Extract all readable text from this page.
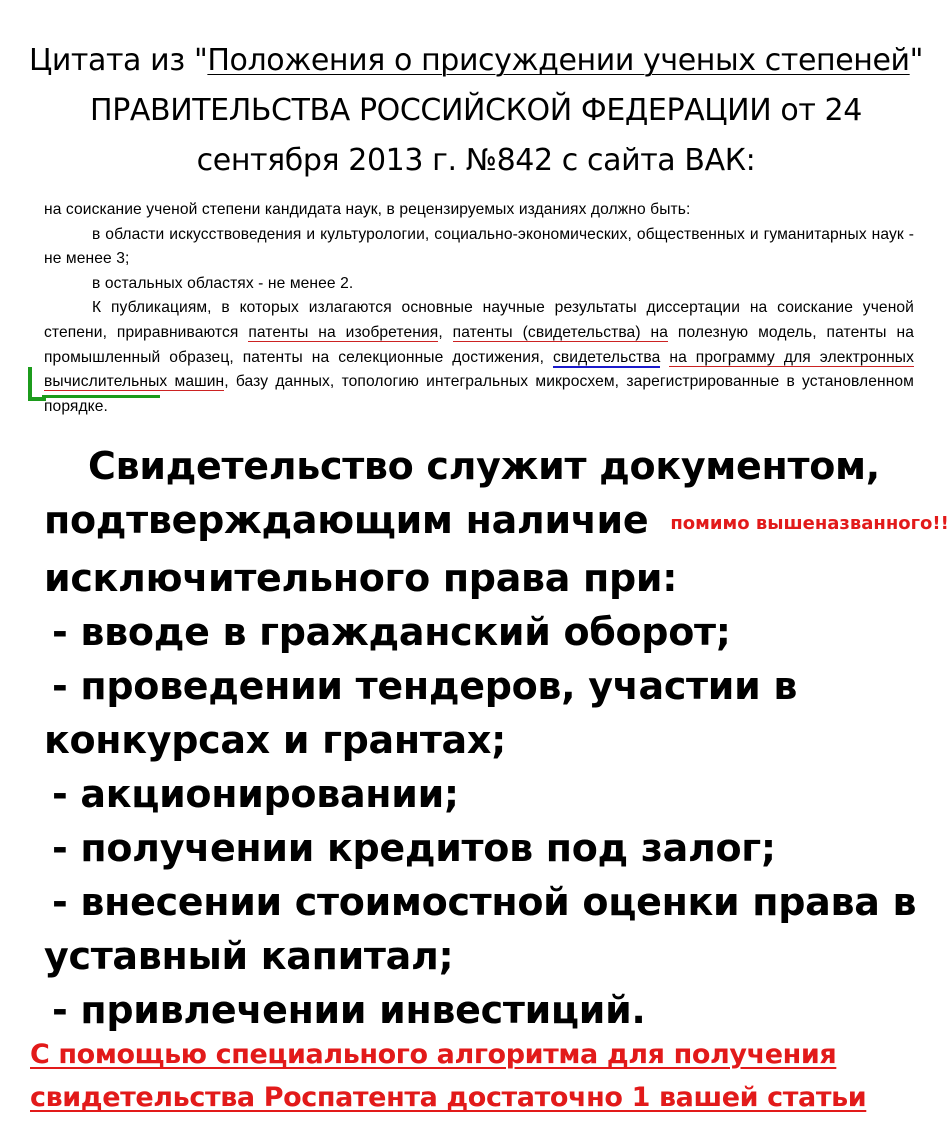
Цитата из "Положения о присуждении ученых степеней"
ПРАВИТЕЛЬСТВА РОССИЙСКОЙ ФЕДЕРАЦИИ от 24
сентября 2013 г. №842 с сайта ВАК:

на соискание ученой степени кандидата наук, в рецензируемых изданиях должно быть:

в области искусствоведения и культурологии, социально-экономических, общественных и гуманитарных наук - не менее 3;

в остальных областях - не менее 2.

К публикациям, в которых излагаются основные научные результаты диссертации на соискание ученой степени, приравниваются патенты на изобретения, патенты (свидетельства) на полезную модель, патенты на промышленный образец, патенты на селекционные достижения, свидетельства на программу для электронных вычислительных машин, базу данных, топологию интегральных микросхем, зарегистрированные в установленном порядке.

Свидетельство служит документом,
подтверждающим наличие помимо вышеназванного!!
исключительного права при:
- вводе в гражданский оборот;
- проведении тендеров, участии в
конкурсах и грантах;
- акционировании;
- получении кредитов под залог;
- внесении стоимостной оценки права в
уставный капитал;
- привлечении инвестиций.

С помощью специального алгоритма для получения

свидетельства Роспатента достаточно 1 вашей статьи
